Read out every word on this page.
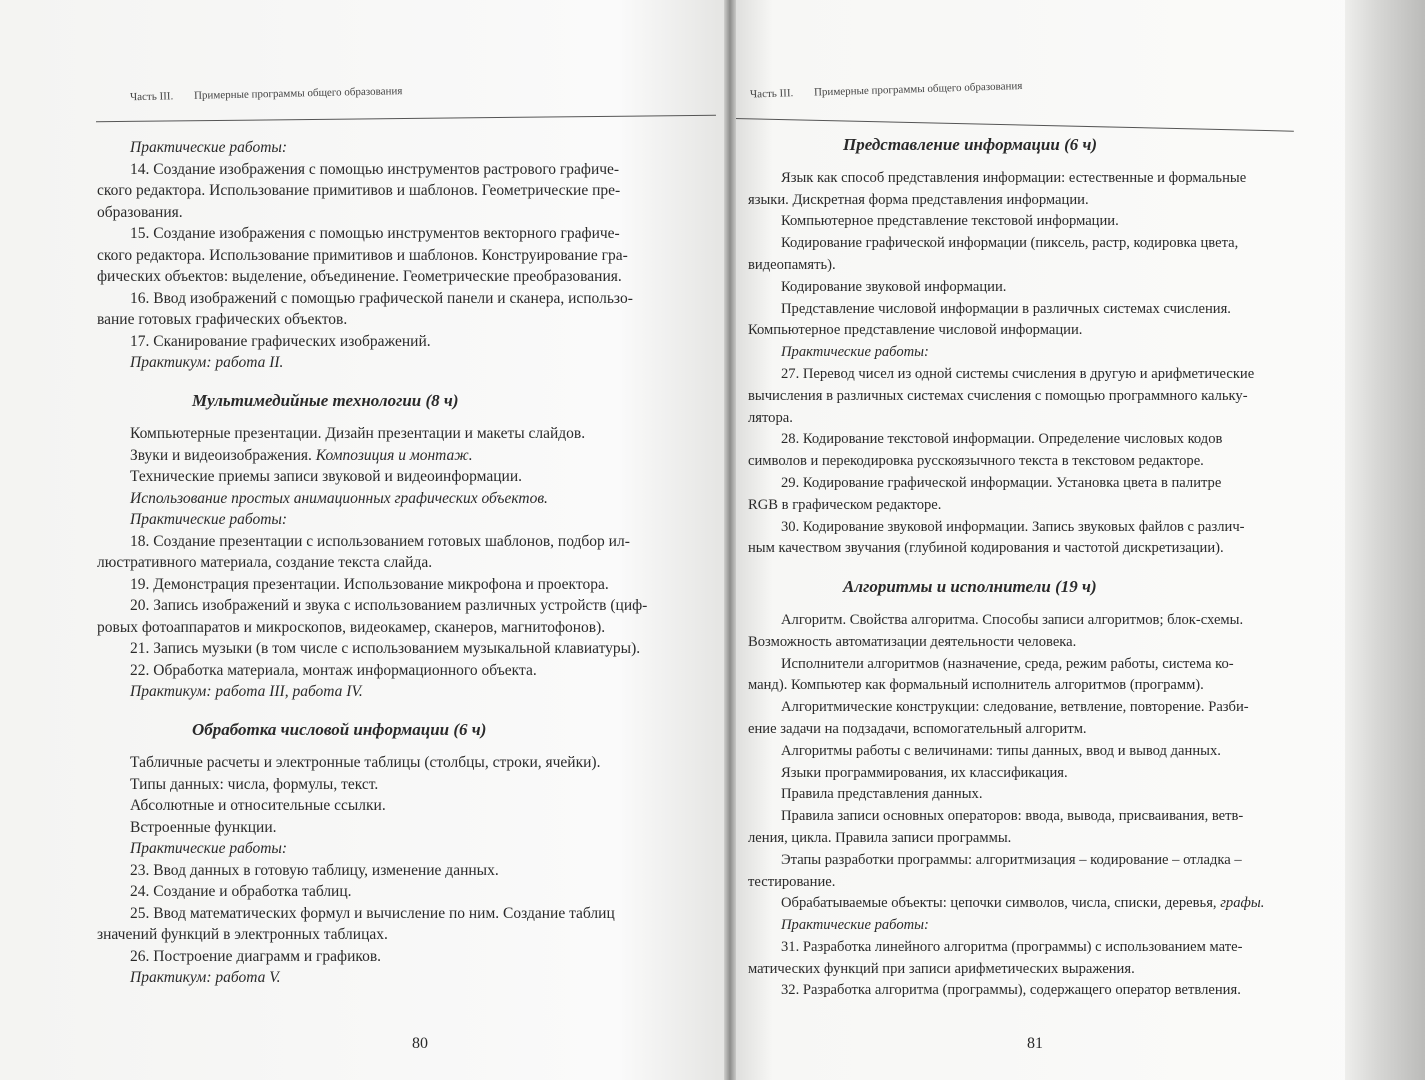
Часть III. Примерные программы общего образования
Практические работы:
14. Создание изображения с помощью инструментов растрового графиче-
ского редактора. Использование примитивов и шаблонов. Геометрические пре-
образования.
15. Создание изображения с помощью инструментов векторного графиче-
ского редактора. Использование примитивов и шаблонов. Конструирование гра-
фических объектов: выделение, объединение. Геометрические преобразования.
16. Ввод изображений с помощью графической панели и сканера, использо-
вание готовых графических объектов.
17. Сканирование графических изображений.
Практикум: работа II.
Мультимедийные технологии (8 ч)
Компьютерные презентации. Дизайн презентации и макеты слайдов.
Звуки и видеоизображения. Композиция и монтаж.
Технические приемы записи звуковой и видеоинформации.
Использование простых анимационных графических объектов.
Практические работы:
18. Создание презентации с использованием готовых шаблонов, подбор ил-
люстративного материала, создание текста слайда.
19. Демонстрация презентации. Использование микрофона и проектора.
20. Запись изображений и звука с использованием различных устройств (циф-
ровых фотоаппаратов и микроскопов, видеокамер, сканеров, магнитофонов).
21. Запись музыки (в том числе с использованием музыкальной клавиатуры).
22. Обработка материала, монтаж информационного объекта.
Практикум: работа III, работа IV.
Обработка числовой информации (6 ч)
Табличные расчеты и электронные таблицы (столбцы, строки, ячейки).
Типы данных: числа, формулы, текст.
Абсолютные и относительные ссылки.
Встроенные функции.
Практические работы:
23. Ввод данных в готовую таблицу, изменение данных.
24. Создание и обработка таблиц.
25. Ввод математических формул и вычисление по ним. Создание таблиц
значений функций в электронных таблицах.
26. Построение диаграмм и графиков.
Практикум: работа V.
80
Часть III. Примерные программы общего образования
Представление информации (6 ч)
Язык как способ представления информации: естественные и формальные
языки. Дискретная форма представления информации.
Компьютерное представление текстовой информации.
Кодирование графической информации (пиксель, растр, кодировка цвета,
видеопамять).
Кодирование звуковой информации.
Представление числовой информации в различных системах счисления.
Компьютерное представление числовой информации.
Практические работы:
27. Перевод чисел из одной системы счисления в другую и арифметические
вычисления в различных системах счисления с помощью программного кальку-
лятора.
28. Кодирование текстовой информации. Определение числовых кодов
символов и перекодировка русскоязычного текста в текстовом редакторе.
29. Кодирование графической информации. Установка цвета в палитре
RGB в графическом редакторе.
30. Кодирование звуковой информации. Запись звуковых файлов с различ-
ным качеством звучания (глубиной кодирования и частотой дискретизации).
Алгоритмы и исполнители (19 ч)
Алгоритм. Свойства алгоритма. Способы записи алгоритмов; блок-схемы.
Возможность автоматизации деятельности человека.
Исполнители алгоритмов (назначение, среда, режим работы, система ко-
манд). Компьютер как формальный исполнитель алгоритмов (программ).
Алгоритмические конструкции: следование, ветвление, повторение. Разби-
ение задачи на подзадачи, вспомогательный алгоритм.
Алгоритмы работы с величинами: типы данных, ввод и вывод данных.
Языки программирования, их классификация.
Правила представления данных.
Правила записи основных операторов: ввода, вывода, присваивания, ветв-
ления, цикла. Правила записи программы.
Этапы разработки программы: алгоритмизация – кодирование – отладка –
тестирование.
Обрабатываемые объекты: цепочки символов, числа, списки, деревья, графы.
Практические работы:
31. Разработка линейного алгоритма (программы) с использованием мате-
матических функций при записи арифметических выражения.
32. Разработка алгоритма (программы), содержащего оператор ветвления.
81
